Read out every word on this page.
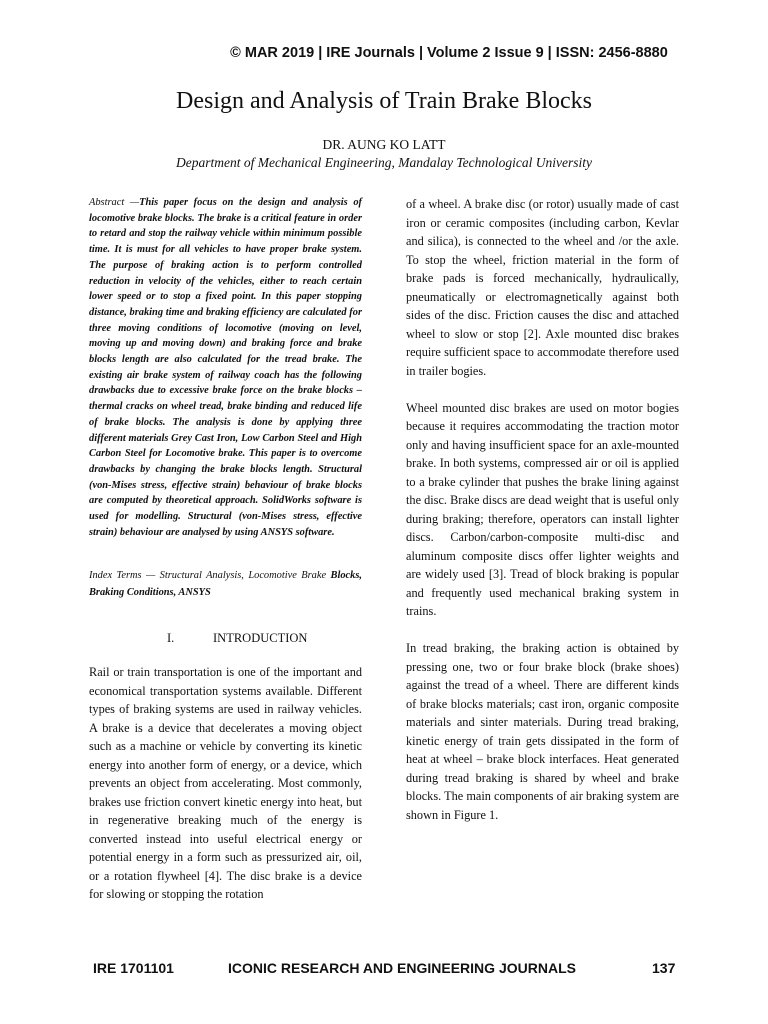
© MAR 2019 | IRE Journals | Volume 2 Issue 9 | ISSN: 2456-8880
Design and Analysis of Train Brake Blocks
DR. AUNG KO LATT
Department of Mechanical Engineering, Mandalay Technological University

Abstract —This paper focus on the design and analysis of locomotive brake blocks. The brake is a critical feature in order to retard and stop the railway vehicle within minimum possible time. It is must for all vehicles to have proper brake system. The purpose of braking action is to perform controlled reduction in velocity of the vehicles, either to reach certain lower speed or to stop a fixed point. In this paper stopping distance, braking time and braking efficiency are calculated for three moving conditions of locomotive (moving on level, moving up and moving down) and braking force and brake blocks length are also calculated for the tread brake. The existing air brake system of railway coach has the following drawbacks due to excessive brake force on the brake blocks – thermal cracks on wheel tread, brake binding and reduced life of brake blocks. The analysis is done by applying three different materials Grey Cast Iron, Low Carbon Steel and High Carbon Steel for Locomotive brake. This paper is to overcome drawbacks by changing the brake blocks length. Structural (von-Mises stress, effective strain) behaviour of brake blocks are computed by theoretical approach. SolidWorks software is used for modelling. Structural (von-Mises stress, effective strain) behaviour are analysed by using ANSYS software.

Index Terms — Structural Analysis, Locomotive Brake Blocks, Braking Conditions, ANSYS
I.	INTRODUCTION

Rail or train transportation is one of the important and economical transportation systems available. Different types of braking systems are used in railway vehicles. A brake is a device that decelerates a moving object such as a machine or vehicle by converting its kinetic energy into another form of energy, or a device, which prevents an object from accelerating. Most commonly, brakes use friction convert kinetic energy into heat, but in regenerative breaking much of the energy is converted instead into useful electrical energy or potential energy in a form such as pressurized air, oil, or a rotation flywheel [4]. The disc brake is a device for slowing or stopping the rotation

of a wheel. A brake disc (or rotor) usually made of cast iron or ceramic composites (including carbon, Kevlar and silica), is connected to the wheel and /or the axle. To stop the wheel, friction material in the form of brake pads is forced mechanically, hydraulically, pneumatically or electromagnetically against both sides of the disc. Friction causes the disc and attached wheel to slow or stop [2]. Axle mounted disc brakes require sufficient space to accommodate therefore used in trailer bogies.

Wheel mounted disc brakes are used on motor bogies because it requires accommodating the traction motor only and having insufficient space for an axle-mounted brake. In both systems, compressed air or oil is applied to a brake cylinder that pushes the brake lining against the disc. Brake discs are dead weight that is useful only during braking; therefore, operators can install lighter discs. Carbon/carbon-composite multi-disc and aluminum composite discs offer lighter weights and are widely used [3]. Tread of block braking is popular and frequently used mechanical braking system in trains.

In tread braking, the braking action is obtained by pressing one, two or four brake block (brake shoes) against the tread of a wheel. There are different kinds of brake blocks materials; cast iron, organic composite materials and sinter materials. During tread braking, kinetic energy of train gets dissipated in the form of heat at wheel – brake block interfaces. Heat generated during tread braking is shared by wheel and brake blocks. The main components of air braking system are shown in Figure 1.

IRE 1701101	ICONIC RESEARCH AND ENGINEERING JOURNALS	137
